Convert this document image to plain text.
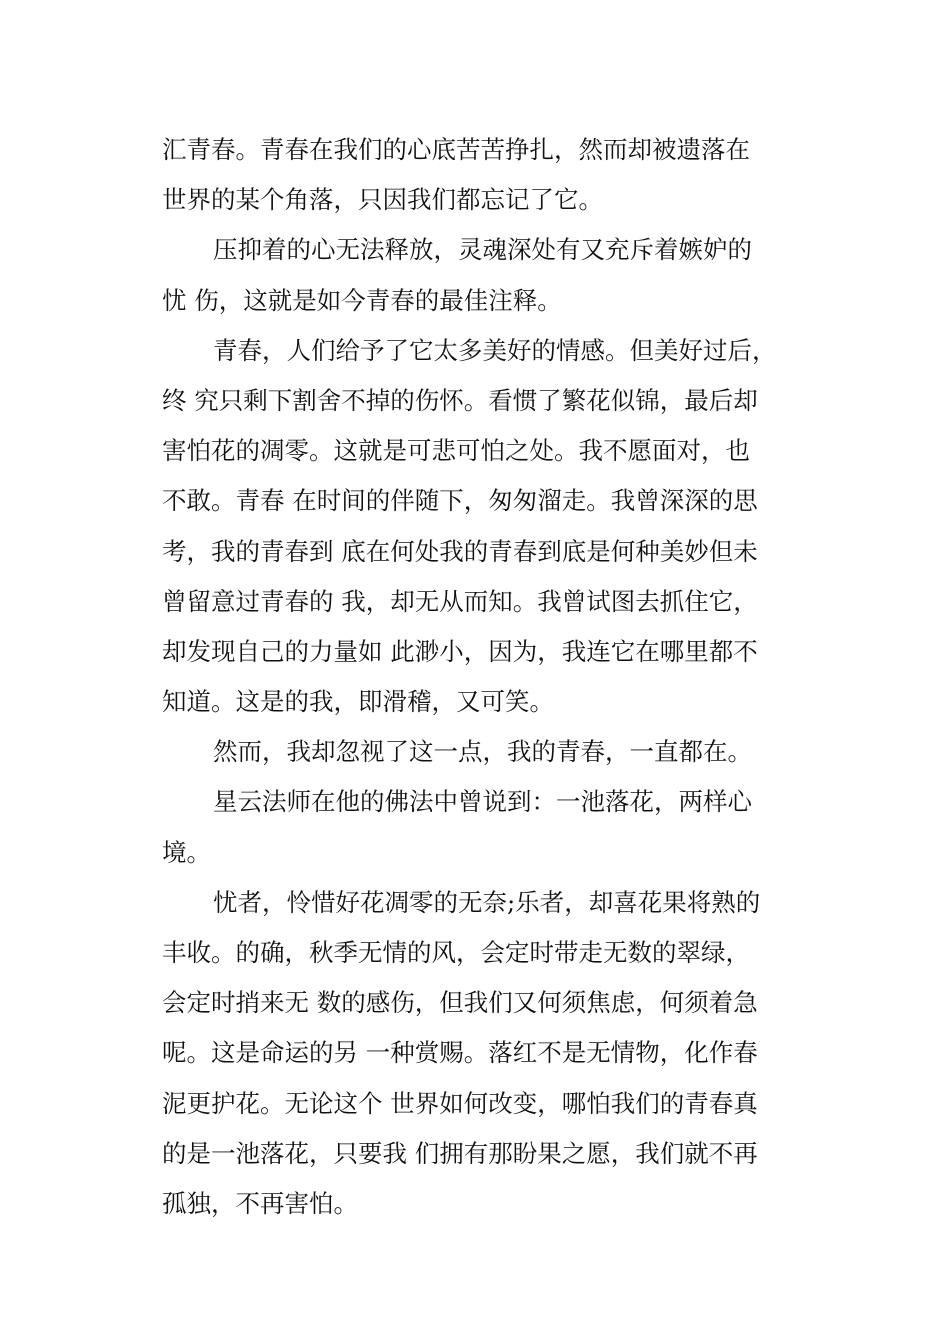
汇青春。青春在我们的心底苦苦挣扎，然而却被遗落在
世界的某个角落，只因我们都忘记了它。
压抑着的心无法释放，灵魂深处有又充斥着嫉妒的
忧 伤，这就是如今青春的最佳注释。
青春，人们给予了它太多美好的情感。但美好过后，
终 究只剩下割舍不掉的伤怀。看惯了繁花似锦，最后却
害怕花的凋零。这就是可悲可怕之处。我不愿面对，也
不敢。青春 在时间的伴随下，匆匆溜走。我曾深深的思
考，我的青春到 底在何处我的青春到底是何种美妙但未
曾留意过青春的 我，却无从而知。我曾试图去抓住它，
却发现自己的力量如 此渺小，因为，我连它在哪里都不
知道。这是的我，即滑稽，又可笑。
然而，我却忽视了这一点，我的青春，一直都在。
星云法师在他的佛法中曾说到：一池落花，两样心
境。
忧者，怜惜好花凋零的无奈;乐者，却喜花果将熟的
丰收。的确，秋季无情的风，会定时带走无数的翠绿，
会定时捎来无 数的感伤，但我们又何须焦虑，何须着急
呢。这是命运的另 一种赏赐。落红不是无情物，化作春
泥更护花。无论这个 世界如何改变，哪怕我们的青春真
的是一池落花，只要我 们拥有那盼果之愿，我们就不再
孤独，不再害怕。
